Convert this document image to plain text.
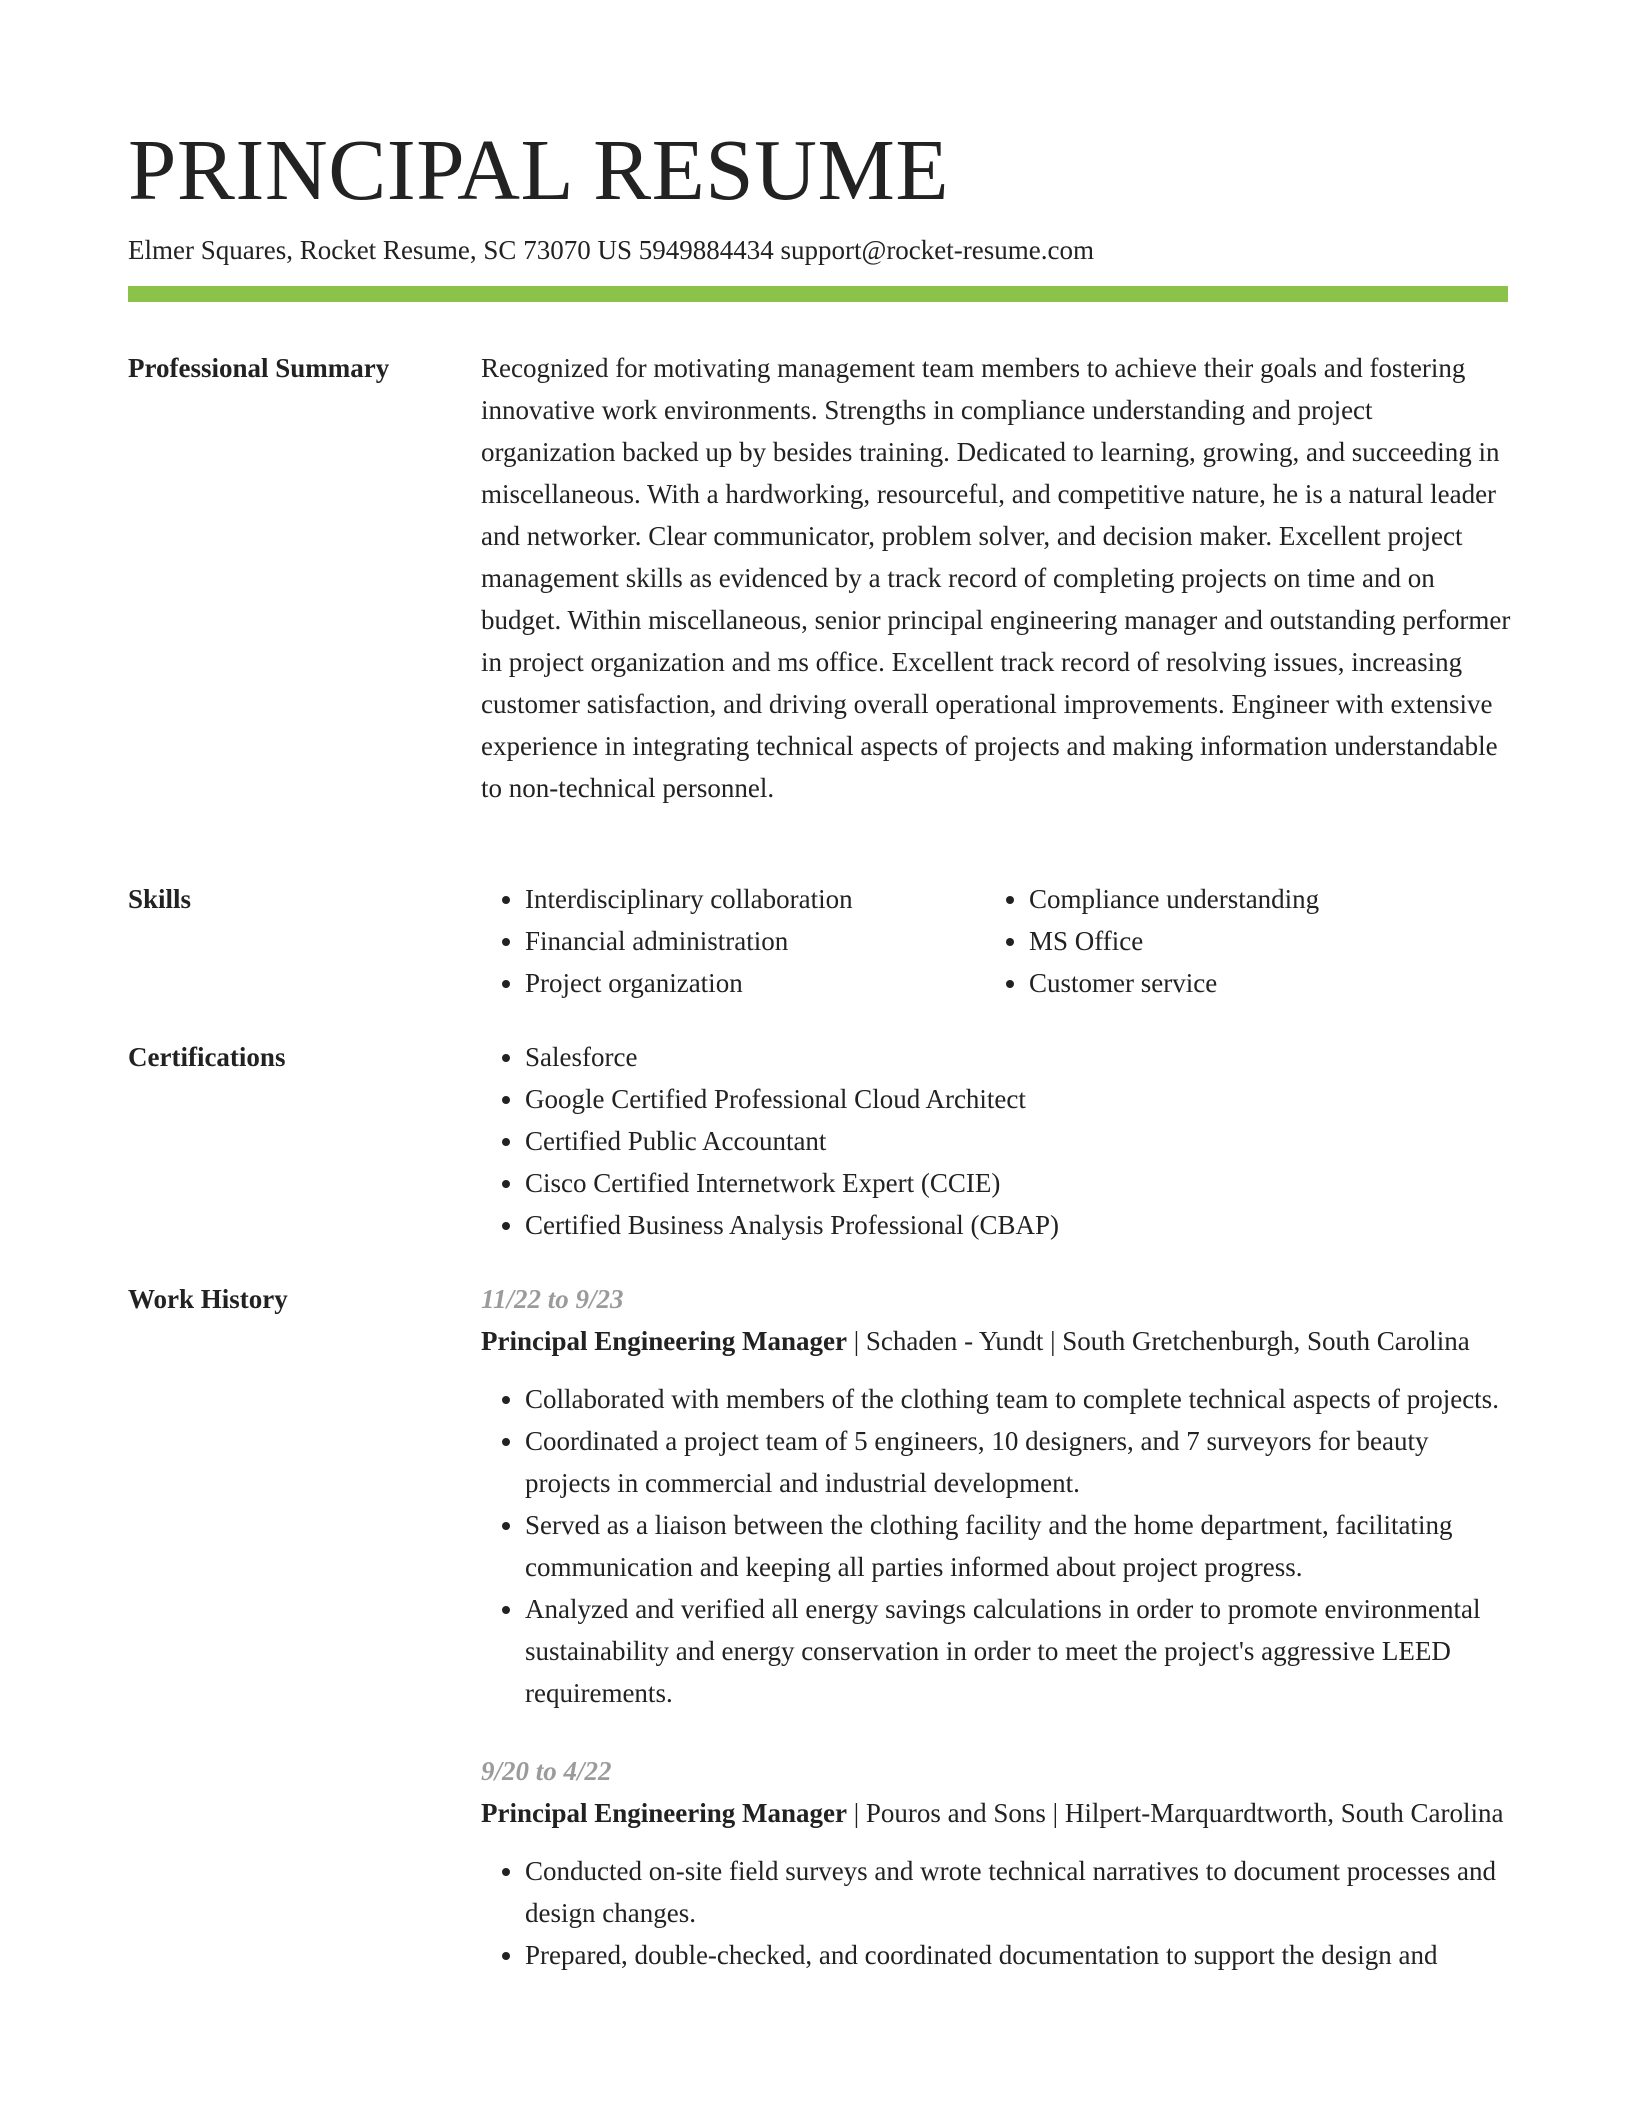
PRINCIPAL RESUME
Elmer Squares, Rocket Resume, SC 73070 US 5949884434 support@rocket-resume.com
Professional Summary	Recognized for motivating management team members to achieve their goals and fostering innovative work environments. Strengths in compliance understanding and project organization backed up by besides training. Dedicated to learning, growing, and succeeding in miscellaneous. With a hardworking, resourceful, and competitive nature, he is a natural leader and networker. Clear communicator, problem solver, and decision maker. Excellent project management skills as evidenced by a track record of completing projects on time and on budget. Within miscellaneous, senior principal engineering manager and outstanding performer in project organization and ms office. Excellent track record of resolving issues, increasing customer satisfaction, and driving overall operational improvements. Engineer with extensive experience in integrating technical aspects of projects and making information understandable to non-technical personnel.

Skills	• Interdisciplinary collaboration
• Financial administration
• Project organization
• Compliance understanding
• MS Office
• Customer service
Certifications	• Salesforce
• Google Certified Professional Cloud Architect
• Certified Public Accountant
• Cisco Certified Internetwork Expert (CCIE)
• Certified Business Analysis Professional (CBAP)
Work History	11/22 to 9/23
Principal Engineering Manager | Schaden - Yundt | South Gretchenburgh, South Carolina
• Collaborated with members of the clothing team to complete technical aspects of projects.
• Coordinated a project team of 5 engineers, 10 designers, and 7 surveyors for beauty projects in commercial and industrial development.
• Served as a liaison between the clothing facility and the home department, facilitating communication and keeping all parties informed about project progress.
• Analyzed and verified all energy savings calculations in order to promote environmental sustainability and energy conservation in order to meet the project's aggressive LEED requirements.
9/20 to 4/22
Principal Engineering Manager | Pouros and Sons | Hilpert-Marquardtworth, South Carolina
• Conducted on-site field surveys and wrote technical narratives to document processes and design changes.
• Prepared, double-checked, and coordinated documentation to support the design and
